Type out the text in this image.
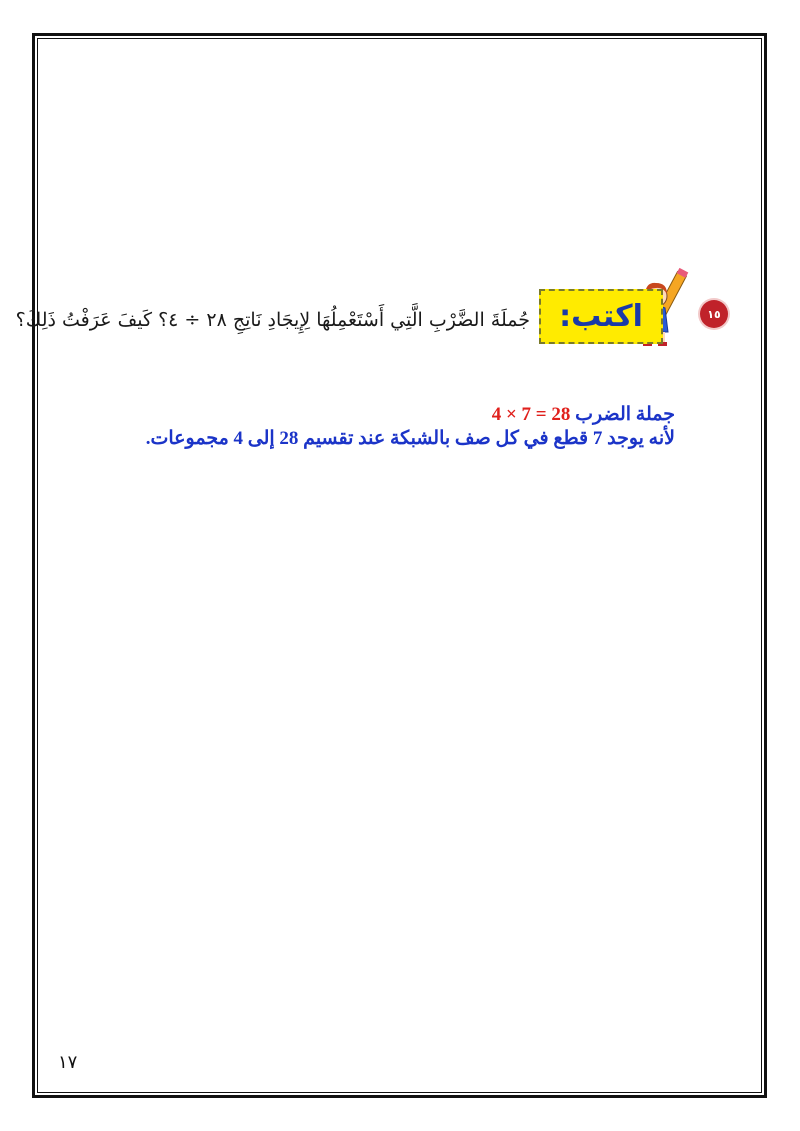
١٥
اكتب:
جُملَةَ الضَّرْبِ الَّتِي أَسْتَعْمِلُهَا لِإِيجَادِ نَاتِجِ ٢٨ ÷ ٤؟ كَيفَ عَرَفْتُ ذَلِكَ؟
جملة الضرب 4 × 7 = 28
لأنه يوجد 7 قطع في كل صف بالشبكة عند تقسيم 28 إلى 4 مجموعات.
١٧
